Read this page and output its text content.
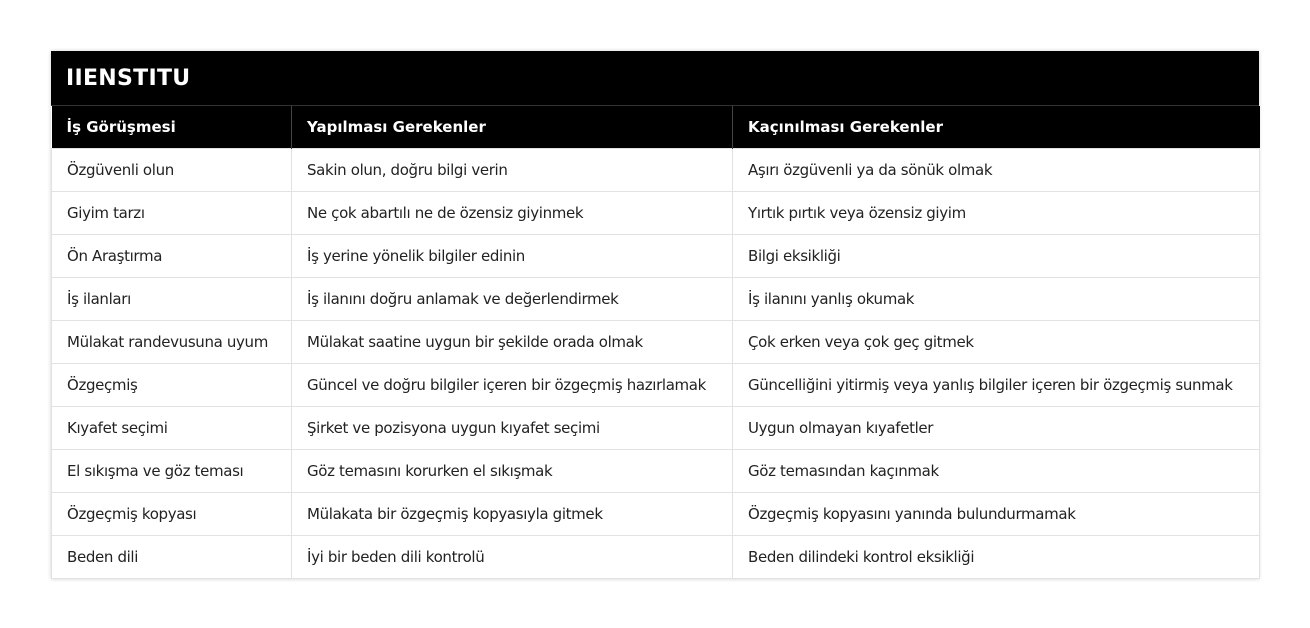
IIENSTITU
İş Görüşmesi	Yapılması Gerekenler	Kaçınılması Gerekenler
Özgüvenli olun	Sakin olun, doğru bilgi verin	Aşırı özgüvenli ya da sönük olmak
Giyim tarzı	Ne çok abartılı ne de özensiz giyinmek	Yırtık pırtık veya özensiz giyim
Ön Araştırma	İş yerine yönelik bilgiler edinin	Bilgi eksikliği
İş ilanları	İş ilanını doğru anlamak ve değerlendirmek	İş ilanını yanlış okumak
Mülakat randevusuna uyum	Mülakat saatine uygun bir şekilde orada olmak	Çok erken veya çok geç gitmek
Özgeçmiş	Güncel ve doğru bilgiler içeren bir özgeçmiş hazırlamak	Güncelliğini yitirmiş veya yanlış bilgiler içeren bir özgeçmiş sunmak
Kıyafet seçimi	Şirket ve pozisyona uygun kıyafet seçimi	Uygun olmayan kıyafetler
El sıkışma ve göz teması	Göz temasını korurken el sıkışmak	Göz temasından kaçınmak
Özgeçmiş kopyası	Mülakata bir özgeçmiş kopyasıyla gitmek	Özgeçmiş kopyasını yanında bulundurmamak
Beden dili	İyi bir beden dili kontrolü	Beden dilindeki kontrol eksikliği
